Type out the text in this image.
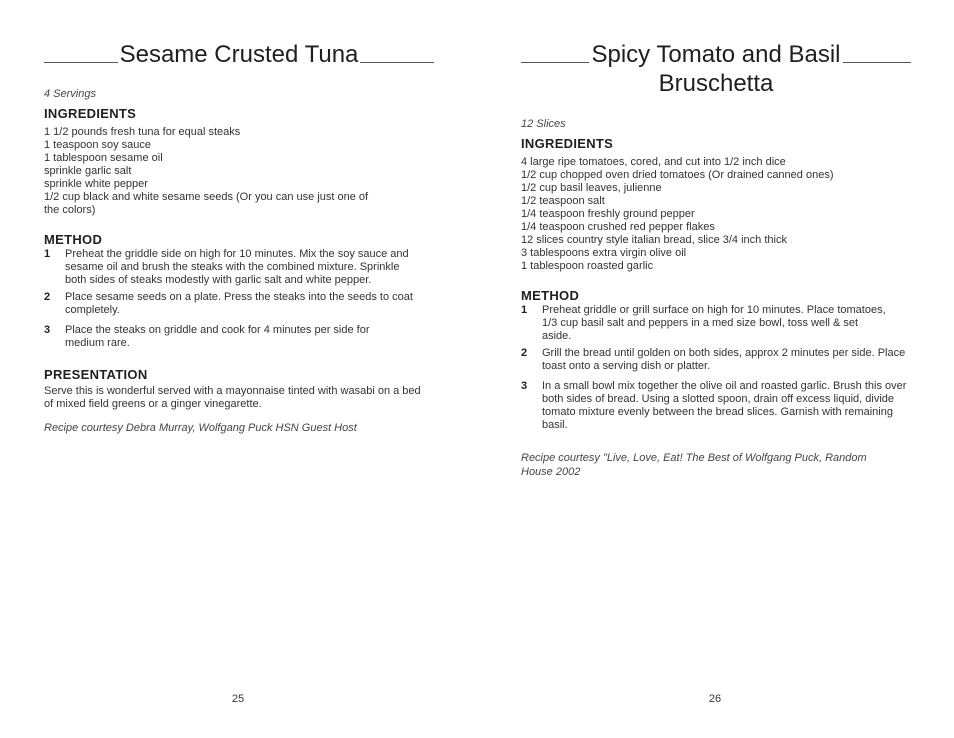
Sesame Crusted Tuna

4 Servings

INGREDIENTS

1 1/2 pounds fresh tuna for equal steaks

1 teaspoon soy sauce

1 tablespoon sesame oil

sprinkle garlic salt

sprinkle white pepper

1/2 cup black and white sesame seeds (Or you can use just one of

the colors)

METHOD
1	Preheat the griddle side on high for 10 minutes. Mix the soy sauce and sesame oil and brush the steaks with the combined mixture. Sprinkle both sides of steaks modestly with garlic salt and white pepper.
2	Place sesame seeds on a plate. Press the steaks into the seeds to coat completely.
3	Place the steaks on griddle and cook for 4 minutes per side for medium rare.
PRESENTATION

Serve this is wonderful served with a mayonnaise tinted with wasabi on a bed of mixed field greens or a ginger vinegarette.

Recipe courtesy Debra Murray, Wolfgang Puck HSN Guest Host

25
Spicy Tomato and Basil
Bruschetta

12 Slices

INGREDIENTS

4 large ripe tomatoes, cored, and cut into 1/2 inch dice

1/2 cup chopped oven dried tomatoes (Or drained canned ones)

1/2 cup basil leaves, julienne

1/2 teaspoon salt

1/4 teaspoon freshly ground pepper

1/4 teaspoon crushed red pepper flakes

12 slices country style italian bread, slice 3/4 inch thick

3 tablespoons extra virgin olive oil

1 tablespoon roasted garlic

METHOD
1	Preheat griddle or grill surface on high for 10 minutes. Place tomatoes, 1/3 cup basil salt and peppers in a med size bowl, toss well & set aside.
2	Grill the bread until golden on both sides, approx 2 minutes per side. Place toast onto a serving dish or platter.
3	In a small bowl mix together the olive oil and roasted garlic. Brush this over both sides of bread. Using a slotted spoon, drain off excess liquid, divide tomato mixture evenly between the bread slices. Garnish with remaining basil.

Recipe courtesy "Live, Love, Eat! The Best of Wolfgang Puck, Random

House 2002

26
